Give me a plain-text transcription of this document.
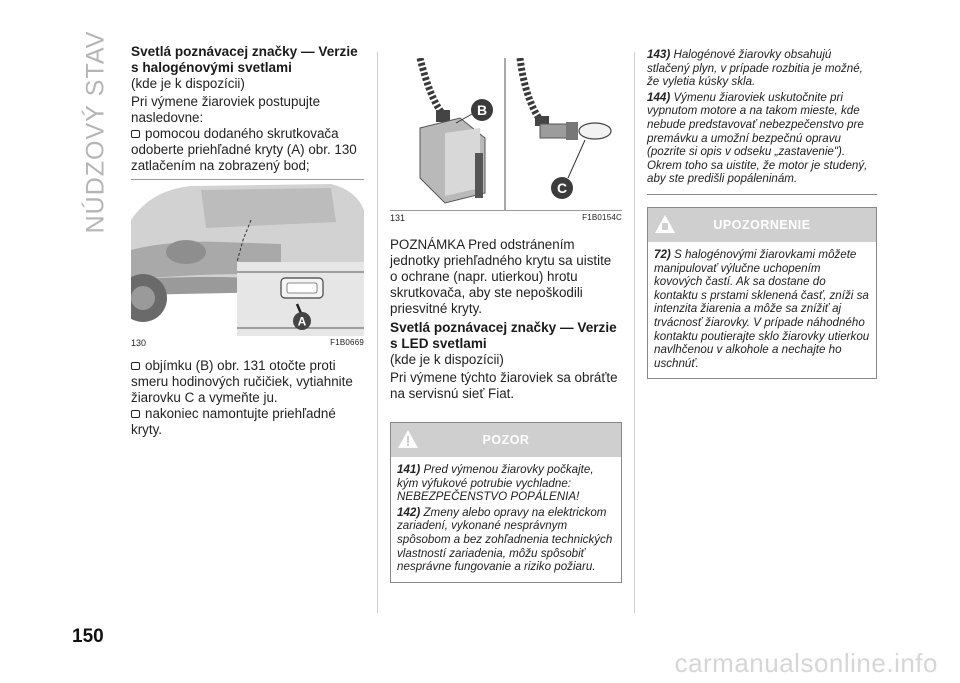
NÚDZOVÝ STAV
150
Svetlá poznávacej značky — Verzie s halogénovými svetlami

(kde je k dispozícii)

Pri výmene žiaroviek postupujte nasledovne:

pomocou dodaného skrutkovača odoberte priehľadné kryty (A) obr. 130 zatlačením na zobrazený bod;

A
130	F1B0669

objímku (B) obr. 131 otočte proti smeru hodinových ručičiek, vytiahnite žiarovku C a vymeňte ju.

nakoniec namontujte priehľadné kryty.

B
C
131	F1B0154C

POZNÁMKA Pred odstránením jednotky priehľadného krytu sa uistite o ochrane (napr. utierkou) hrotu skrutkovača, aby ste nepoškodili priesvitné kryty.

Svetlá poznávacej značky — Verzie s LED svetlami

(kde je k dispozícii)

Pri výmene týchto žiaroviek sa obráťte na servisnú sieť Fiat.

POZOR

141) Pred výmenou žiarovky počkajte, kým výfukové potrubie vychladne: NEBEZPEČENSTVO POPÁLENIA!

142) Zmeny alebo opravy na elektrickom zariadení, vykonané nesprávnym spôsobom a bez zohľadnenia technických vlastností zariadenia, môžu spôsobiť nesprávne fungovanie a riziko požiaru.

143) Halogénové žiarovky obsahujú stlačený plyn, v prípade rozbitia je možné, že vyletia kúsky skla.

144) Výmenu žiaroviek uskutočnite pri vypnutom motore a na takom mieste, kde nebude predstavovať nebezpečenstvo pre premávku a umožní bezpečnú opravu (pozrite si opis v odseku „zastavenie"). Okrem toho sa uistite, že motor je studený, aby ste predišli popáleninám.

UPOZORNENIE

72) S halogénovými žiarovkami môžete manipulovať výlučne uchopením kovových častí. Ak sa dostane do kontaktu s prstami sklenená časť, zníži sa intenzita žiarenia a môže sa znížiť aj trvácnosť žiarovky. V prípade náhodného kontaktu poutierajte sklo žiarovky utierkou navlhčenou v alkohole a nechajte ho uschnúť.

carmanualsonline.info
